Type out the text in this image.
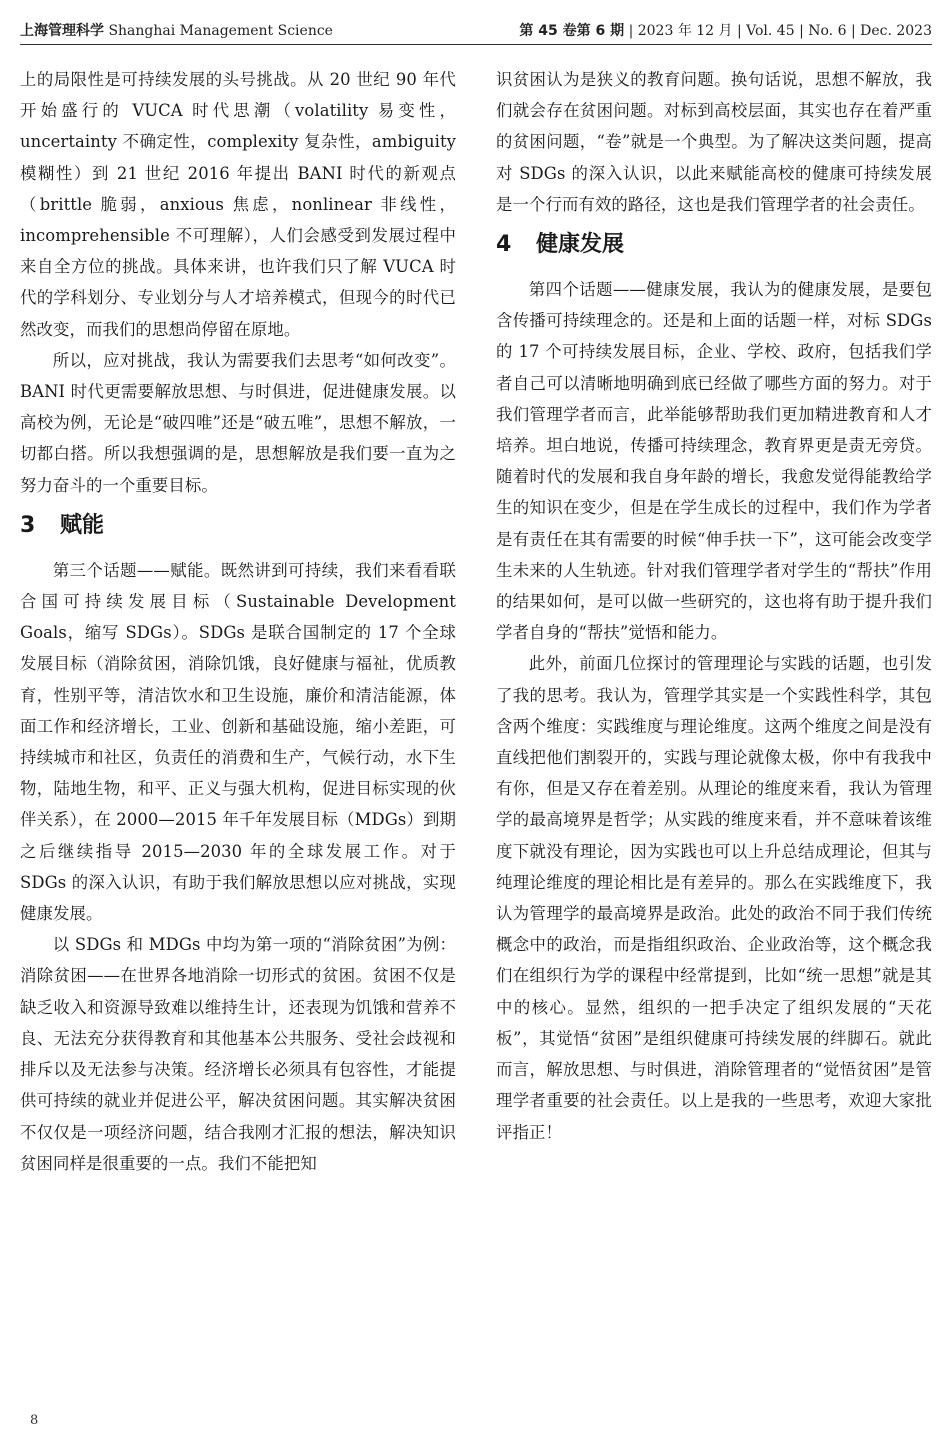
上海管理科学 Shanghai Management Science	第 45 卷第 6 期 | 2023 年 12 月 | Vol. 45 | No. 6 | Dec. 2023

上的局限性是可持续发展的头号挑战。从 20 世纪 90 年代开始盛行的 VUCA 时代思潮（volatility 易变性，uncertainty 不确定性，complexity 复杂性，ambiguity 模糊性）到 21 世纪 2016 年提出 BANI 时代的新观点（brittle 脆弱，anxious 焦虑，nonlinear 非线性，incomprehensible 不可理解），人们会感受到发展过程中来自全方位的挑战。具体来讲，也许我们只了解 VUCA 时代的学科划分、专业划分与人才培养模式，但现今的时代已然改变，而我们的思想尚停留在原地。

所以，应对挑战，我认为需要我们去思考“如何改变”。BANI 时代更需要解放思想、与时俱进，促进健康发展。以高校为例，无论是“破四唯”还是“破五唯”，思想不解放，一切都白搭。所以我想强调的是，思想解放是我们要一直为之努力奋斗的一个重要目标。

3 赋能

第三个话题——赋能。既然讲到可持续，我们来看看联合国可持续发展目标（Sustainable Development Goals，缩写 SDGs）。SDGs 是联合国制定的 17 个全球发展目标（消除贫困，消除饥饿，良好健康与福祉，优质教育，性别平等，清洁饮水和卫生设施，廉价和清洁能源，体面工作和经济增长，工业、创新和基础设施，缩小差距，可持续城市和社区，负责任的消费和生产，气候行动，水下生物，陆地生物，和平、正义与强大机构，促进目标实现的伙伴关系），在 2000—2015 年千年发展目标（MDGs）到期之后继续指导 2015—2030 年的全球发展工作。对于 SDGs 的深入认识，有助于我们解放思想以应对挑战，实现健康发展。

以 SDGs 和 MDGs 中均为第一项的“消除贫困”为例：消除贫困——在世界各地消除一切形式的贫困。贫困不仅是缺乏收入和资源导致难以维持生计，还表现为饥饿和营养不良、无法充分获得教育和其他基本公共服务、受社会歧视和排斥以及无法参与决策。经济增长必须具有包容性，才能提供可持续的就业并促进公平，解决贫困问题。其实解决贫困不仅仅是一项经济问题，结合我刚才汇报的想法，解决知识贫困同样是很重要的一点。我们不能把知

识贫困认为是狭义的教育问题。换句话说，思想不解放，我们就会存在贫困问题。对标到高校层面，其实也存在着严重的贫困问题，“卷”就是一个典型。为了解决这类问题，提高对 SDGs 的深入认识，以此来赋能高校的健康可持续发展是一个行而有效的路径，这也是我们管理学者的社会责任。

4 健康发展

第四个话题——健康发展，我认为的健康发展，是要包含传播可持续理念的。还是和上面的话题一样，对标 SDGs 的 17 个可持续发展目标，企业、学校、政府，包括我们学者自己可以清晰地明确到底已经做了哪些方面的努力。对于我们管理学者而言，此举能够帮助我们更加精进教育和人才培养。坦白地说，传播可持续理念，教育界更是责无旁贷。随着时代的发展和我自身年龄的增长，我愈发觉得能教给学生的知识在变少，但是在学生成长的过程中，我们作为学者是有责任在其有需要的时候“伸手扶一下”，这可能会改变学生未来的人生轨迹。针对我们管理学者对学生的“帮扶”作用的结果如何，是可以做一些研究的，这也将有助于提升我们学者自身的“帮扶”觉悟和能力。

此外，前面几位探讨的管理理论与实践的话题，也引发了我的思考。我认为，管理学其实是一个实践性科学，其包含两个维度：实践维度与理论维度。这两个维度之间是没有直线把他们割裂开的，实践与理论就像太极，你中有我我中有你，但是又存在着差别。从理论的维度来看，我认为管理学的最高境界是哲学；从实践的维度来看，并不意味着该维度下就没有理论，因为实践也可以上升总结成理论，但其与纯理论维度的理论相比是有差异的。那么在实践维度下，我认为管理学的最高境界是政治。此处的政治不同于我们传统概念中的政治，而是指组织政治、企业政治等，这个概念我们在组织行为学的课程中经常提到，比如“统一思想”就是其中的核心。显然，组织的一把手决定了组织发展的“天花板”，其觉悟“贫困”是组织健康可持续发展的绊脚石。就此而言，解放思想、与时俱进，消除管理者的“觉悟贫困”是管理学者重要的社会责任。以上是我的一些思考，欢迎大家批评指正！

8
